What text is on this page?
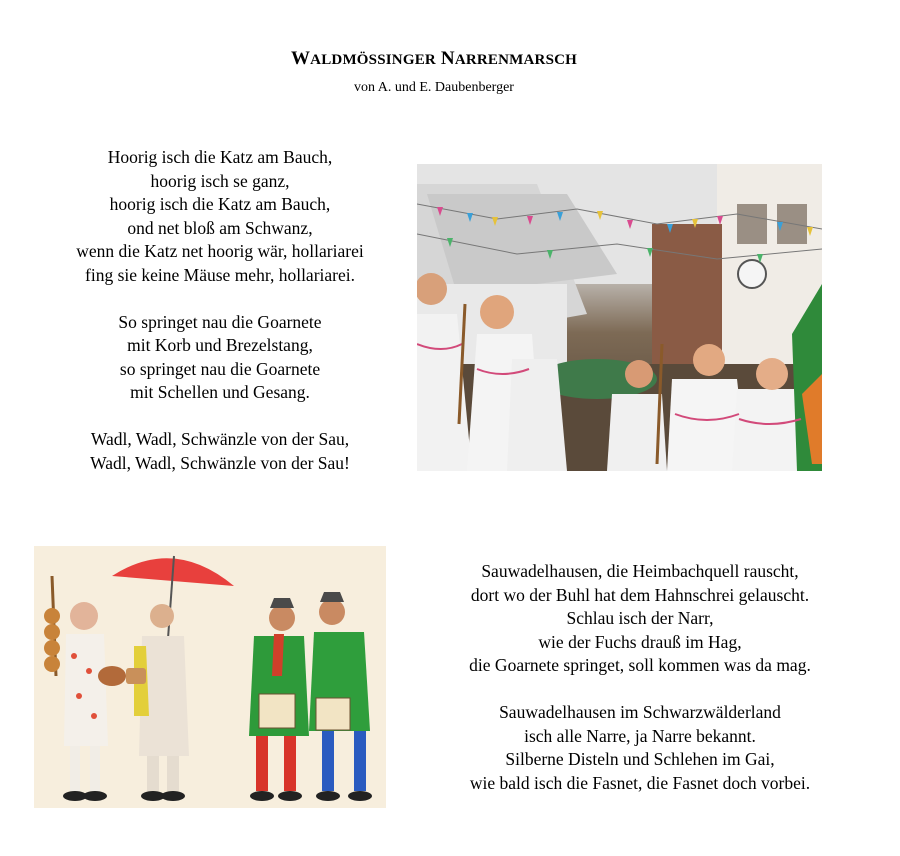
WALDMÖSSINGER NARRENMARSCH
von A. und E. Daubenberger

Hoorig isch die Katz am Bauch,

hoorig isch se ganz,

hoorig isch die Katz am Bauch,

ond net bloß am Schwanz,

wenn die Katz net hoorig wär, hollariarei

fing sie keine Mäuse mehr, hollariarei.

So springet nau die Goarnete

mit Korb und Brezelstang,

so springet nau die Goarnete

mit Schellen und Gesang.

Wadl, Wadl, Schwänzle von der Sau,

Wadl, Wadl, Schwänzle von der Sau!

Sauwadelhausen, die Heimbachquell rauscht,

dort wo der Buhl hat dem Hahnschrei gelauscht.

Schlau isch der Narr,

wie der Fuchs drauß im Hag,

die Goarnete springet, soll kommen was da mag.

Sauwadelhausen im Schwarzwälderland

isch alle Narre, ja Narre bekannt.

Silberne Disteln und Schlehen im Gai,

wie bald isch die Fasnet, die Fasnet doch vorbei.
